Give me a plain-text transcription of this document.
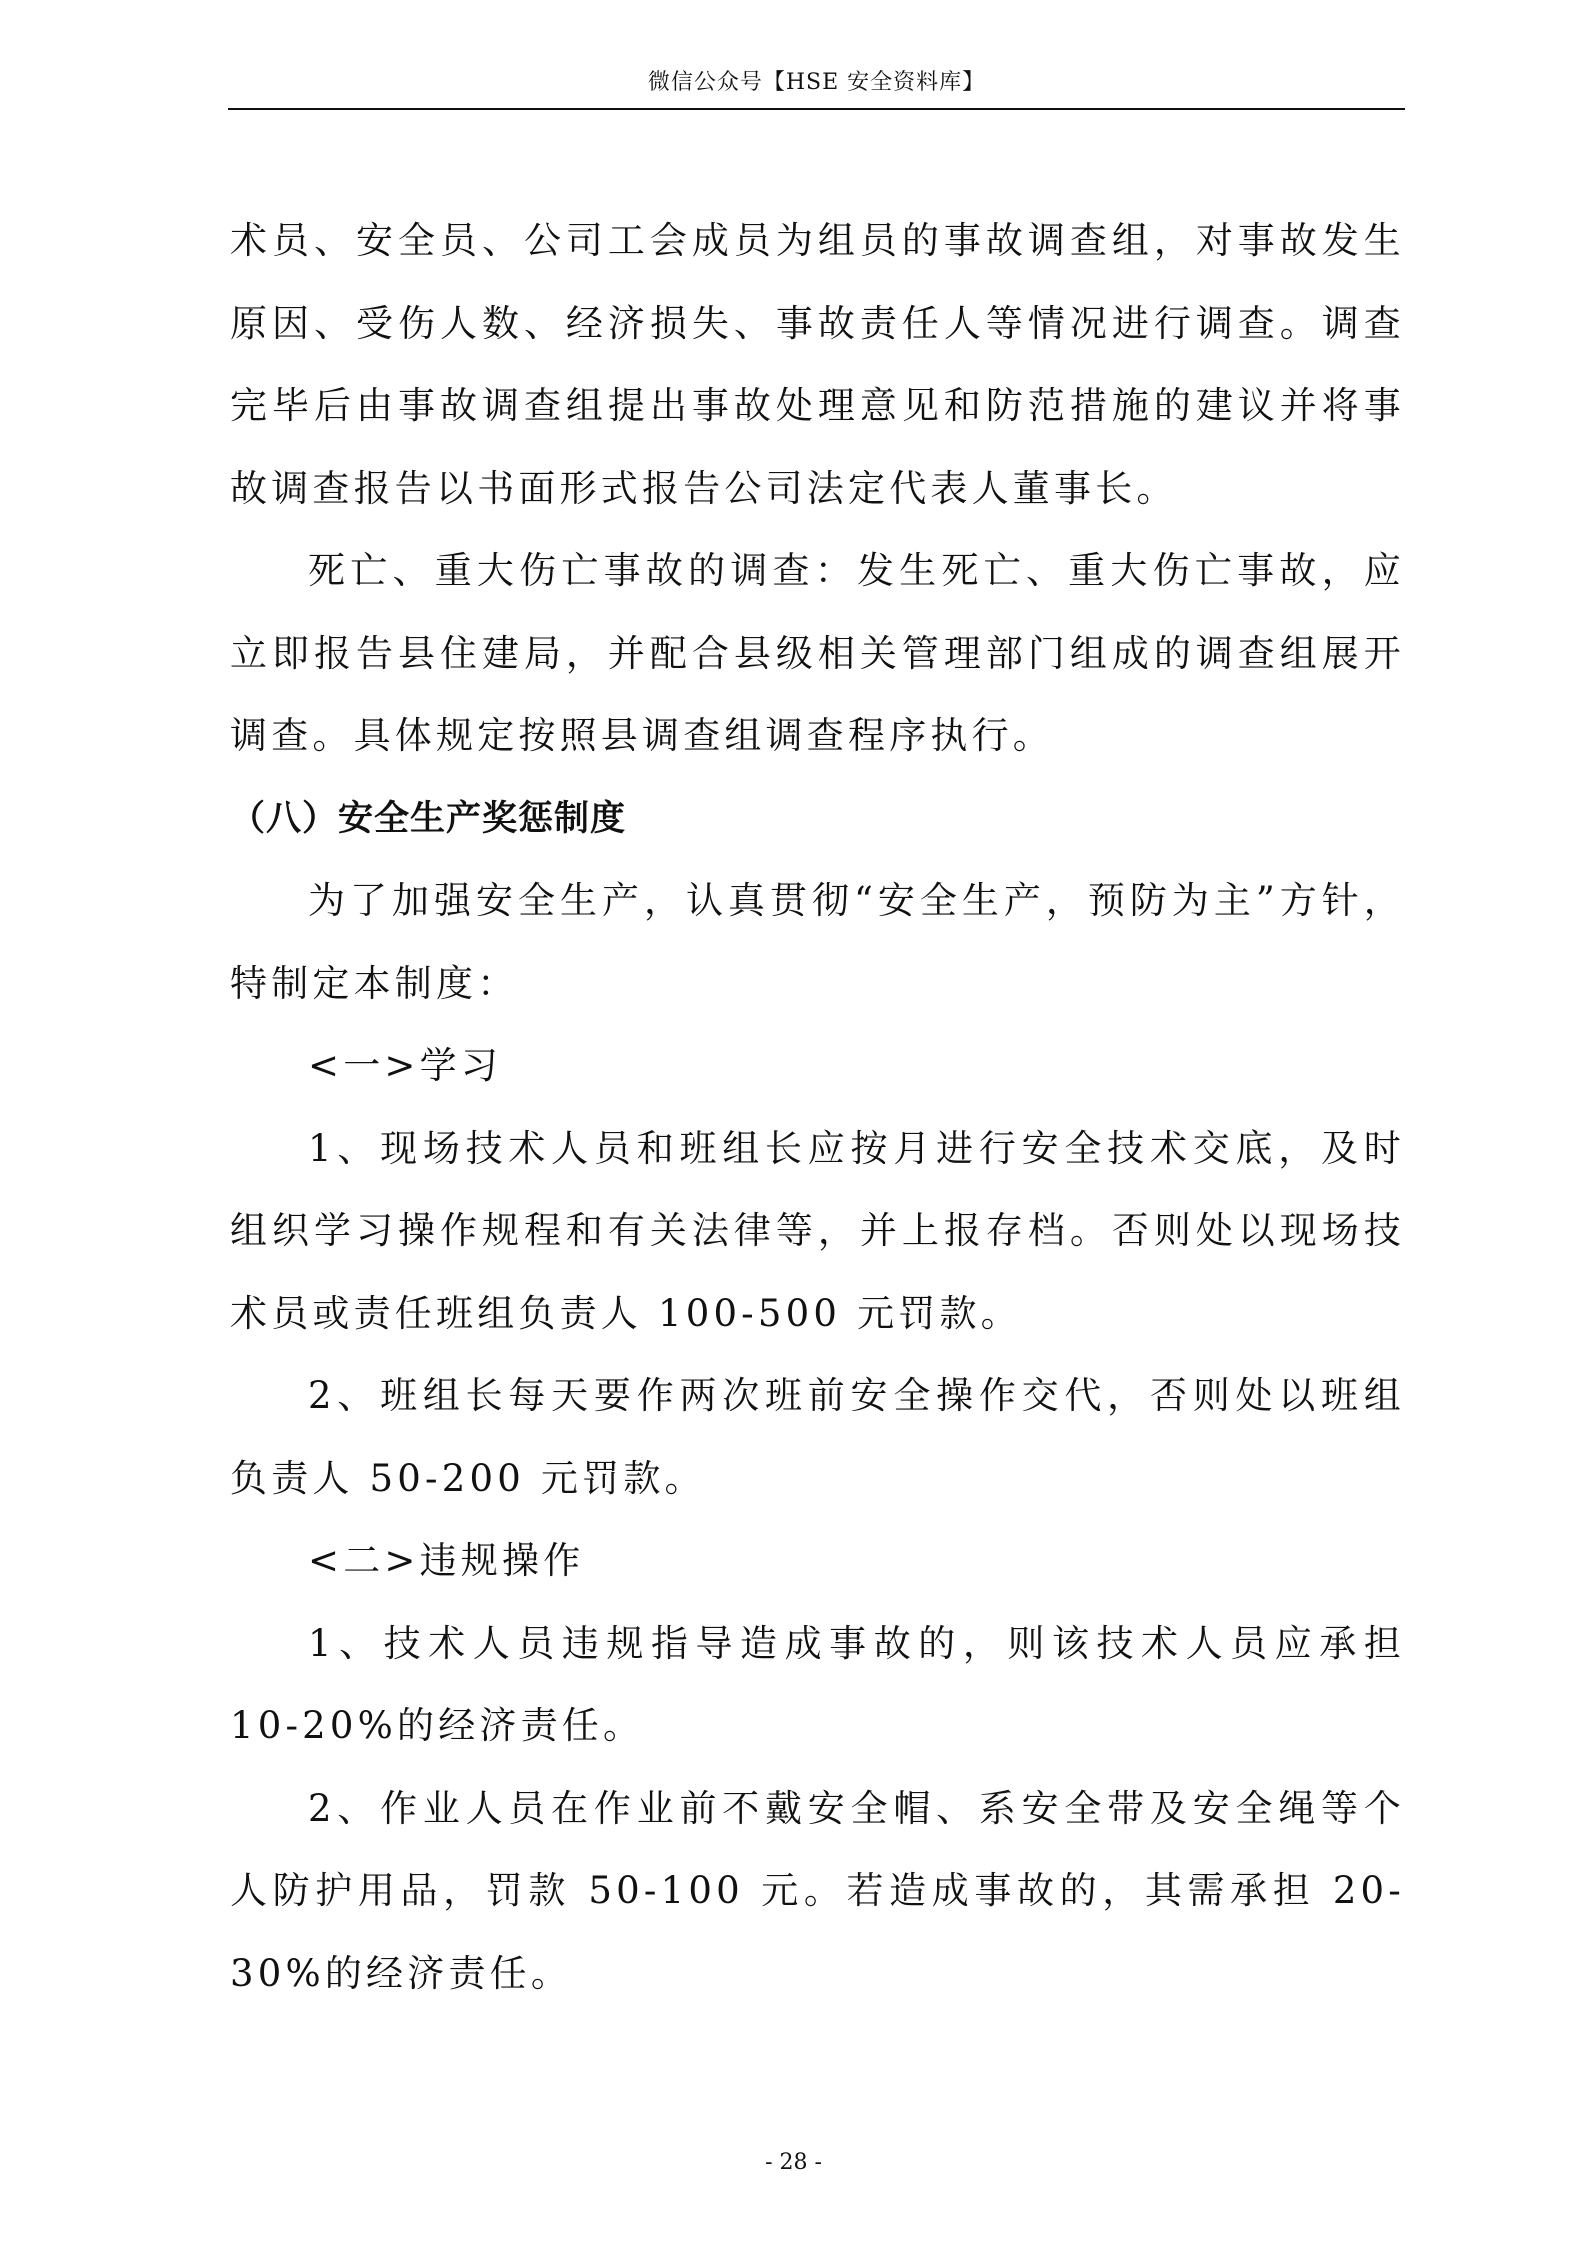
微信公众号【HSE 安全资料库】

术员、安全员、公司工会成员为组员的事故调查组，对事故发生原因、受伤人数、经济损失、事故责任人等情况进行调查。调查完毕后由事故调查组提出事故处理意见和防范措施的建议并将事故调查报告以书面形式报告公司法定代表人董事长。

死亡、重大伤亡事故的调查：发生死亡、重大伤亡事故，应立即报告县住建局，并配合县级相关管理部门组成的调查组展开调查。具体规定按照县调查组调查程序执行。

（八）安全生产奖惩制度

为了加强安全生产，认真贯彻“安全生产，预防为主”方针，特制定本制度：

<一>学习

1、现场技术人员和班组长应按月进行安全技术交底，及时组织学习操作规程和有关法律等，并上报存档。否则处以现场技术员或责任班组负责人 100-500 元罚款。

2、班组长每天要作两次班前安全操作交代，否则处以班组负责人 50-200 元罚款。

<二>违规操作

1、技术人员违规指导造成事故的，则该技术人员应承担 10-20%的经济责任。

2、作业人员在作业前不戴安全帽、系安全带及安全绳等个人防护用品，罚款 50-100 元。若造成事故的，其需承担 20-30%的经济责任。

- 28 -
